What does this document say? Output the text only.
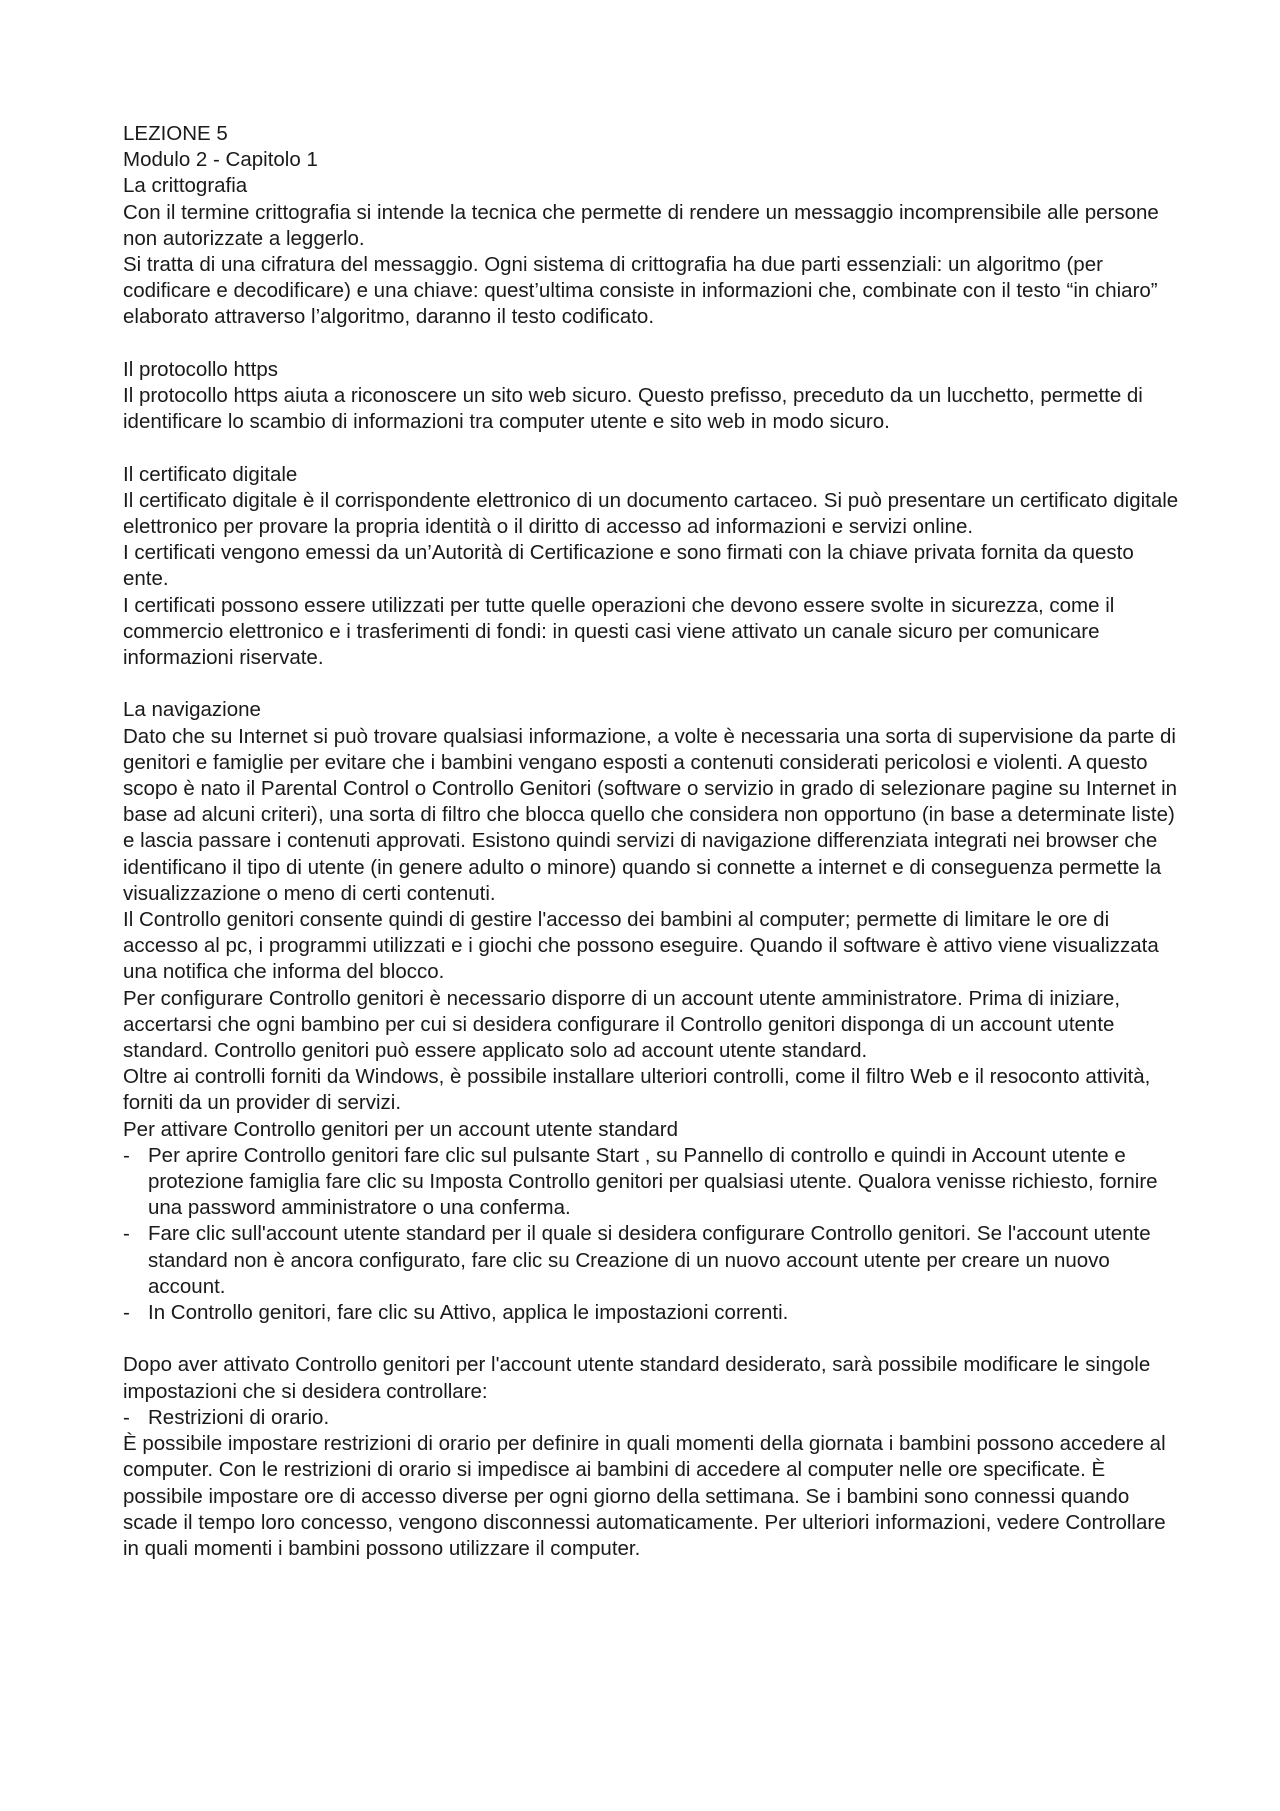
LEZIONE 5

Modulo 2 - Capitolo 1

La crittografia

Con il termine crittografia si intende la tecnica che permette di rendere un messaggio incomprensibile alle persone non autorizzate a leggerlo.

Si tratta di una cifratura del messaggio. Ogni sistema di crittografia ha due parti essenziali: un algoritmo (per codificare e decodificare) e una chiave: quest’ultima consiste in informazioni che, combinate con il testo “in chiaro” elaborato attraverso l’algoritmo, daranno il testo codificato.

Il protocollo https

Il protocollo https aiuta a riconoscere un sito web sicuro. Questo prefisso, preceduto da un lucchetto, permette di identificare lo scambio di informazioni tra computer utente e sito web in modo sicuro.

Il certificato digitale

Il certificato digitale è il corrispondente elettronico di un documento cartaceo. Si può presentare un certificato digitale elettronico per provare la propria identità o il diritto di accesso ad informazioni e servizi online.

I certificati vengono emessi da un’Autorità di Certificazione e sono firmati con la chiave privata fornita da questo ente.

I certificati possono essere utilizzati per tutte quelle operazioni che devono essere svolte in sicurezza, come il commercio elettronico e i trasferimenti di fondi: in questi casi viene attivato un canale sicuro per comunicare informazioni riservate.

La navigazione

Dato che su Internet si può trovare qualsiasi informazione, a volte è necessaria una sorta di supervisione da parte di genitori e famiglie per evitare che i bambini vengano esposti a contenuti considerati pericolosi e violenti. A questo scopo è nato il Parental Control o Controllo Genitori (software o servizio in grado di selezionare pagine su Internet in base ad alcuni criteri), una sorta di filtro che blocca quello che considera non opportuno (in base a determinate liste) e lascia passare i contenuti approvati. Esistono quindi servizi di navigazione differenziata integrati nei browser che identificano il tipo di utente (in genere adulto o minore) quando si connette a internet e di conseguenza permette la visualizzazione o meno di certi contenuti.

Il Controllo genitori consente quindi di gestire l'accesso dei bambini al computer; permette di limitare le ore di accesso al pc, i programmi utilizzati e i giochi che possono eseguire. Quando il software è attivo viene visualizzata una notifica che informa del blocco.

Per configurare Controllo genitori è necessario disporre di un account utente amministratore. Prima di iniziare, accertarsi che ogni bambino per cui si desidera configurare il Controllo genitori disponga di un account utente standard. Controllo genitori può essere applicato solo ad account utente standard.

Oltre ai controlli forniti da Windows, è possibile installare ulteriori controlli, come il filtro Web e il resoconto attività, forniti da un provider di servizi.

Per attivare Controllo genitori per un account utente standard

- Per aprire Controllo genitori fare clic sul pulsante Start , su Pannello di controllo e quindi in Account utente e protezione famiglia fare clic su Imposta Controllo genitori per qualsiasi utente. Qualora venisse richiesto, fornire una password amministratore o una conferma.
- Fare clic sull'account utente standard per il quale si desidera configurare Controllo genitori. Se l'account utente standard non è ancora configurato, fare clic su Creazione di un nuovo account utente per creare un nuovo account.
- In Controllo genitori, fare clic su Attivo, applica le impostazioni correnti.

Dopo aver attivato Controllo genitori per l'account utente standard desiderato, sarà possibile modificare le singole impostazioni che si desidera controllare:

- Restrizioni di orario.

È possibile impostare restrizioni di orario per definire in quali momenti della giornata i bambini possono accedere al computer. Con le restrizioni di orario si impedisce ai bambini di accedere al computer nelle ore specificate. È possibile impostare ore di accesso diverse per ogni giorno della settimana. Se i bambini sono connessi quando scade il tempo loro concesso, vengono disconnessi automaticamente. Per ulteriori informazioni, vedere Controllare in quali momenti i bambini possono utilizzare il computer.
